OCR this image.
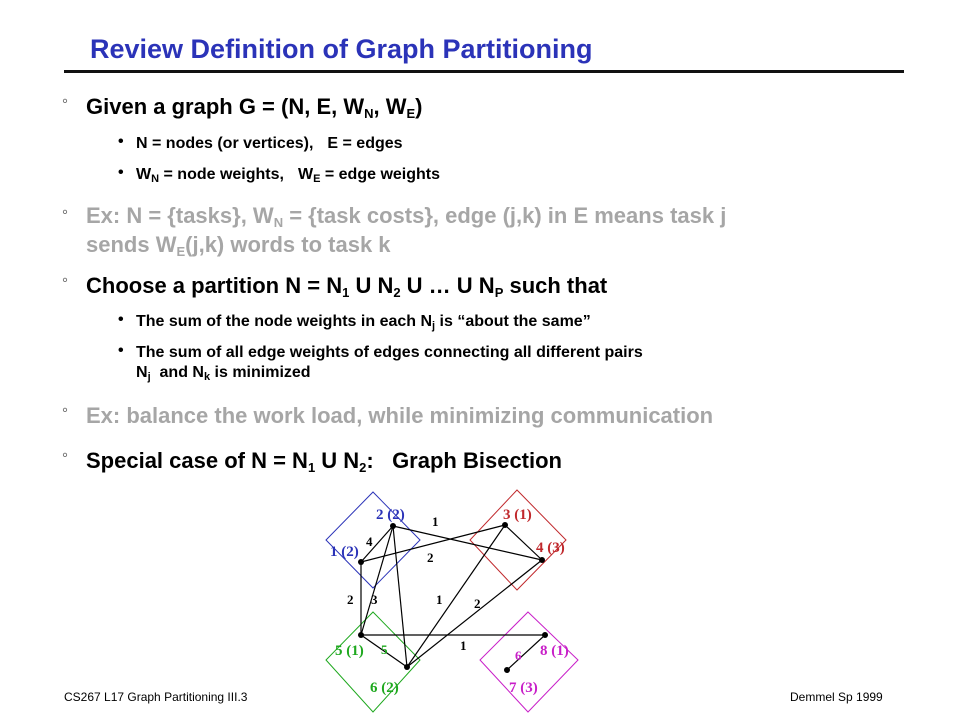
Review Definition of Graph Partitioning
° Given a graph G = (N, E, $W_N$, $W_E$)
• N = nodes (or vertices), E = edges
• $W_N$ = node weights, $W_E$ = edge weights
° Ex: N = {tasks}, $W_N$ = {task costs}, edge (j,k) in E means task j
sends $W_E(j,k)$ words to task k
° Choose a partition $N = N_1$ U $N_2$ U … U $N_P$ such that
• The sum of the node weights in each $N_j$ is “about the same”
• The sum of all edge weights of edges connecting all different pairs
$N_j$  and $N_k$ is minimized
° Ex: balance the work load, while minimizing communication
° Special case of $N = N_1$ U $N_2$:   Graph Bisection
2 (2)
1 (2)
3 (1)
4 (3)
5 (1)
6 (2)	7 (3)
8 (1)
1
4
2
2 3	1 2
5	1
6
CS267 L17 Graph Partitioning III.3	Demmel Sp 1999
